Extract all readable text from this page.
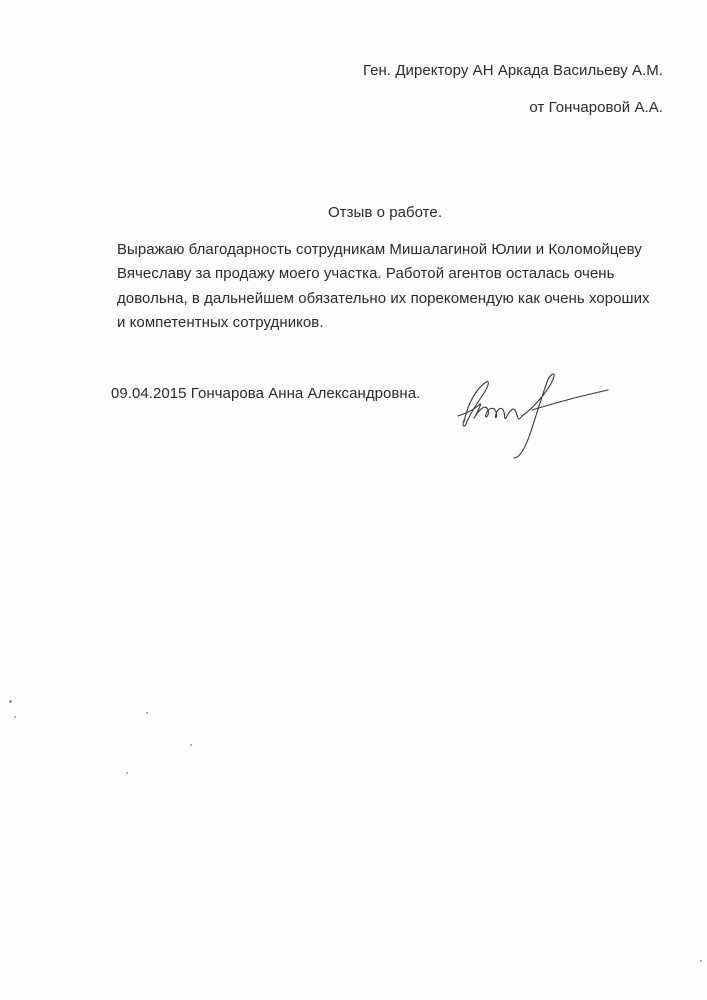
Ген. Директору АН Аркада Васильеву А.М.
от Гончаровой А.А.
Отзыв о работе.
Выражаю благодарность сотрудникам Мишалагиной Юлии и Коломойцеву
Вячеславу за продажу моего участка. Работой агентов осталась очень
довольна, в дальнейшем обязательно их порекомендую как очень хороших
и компетентных сотрудников.
09.04.2015 Гончарова Анна Александровна.
